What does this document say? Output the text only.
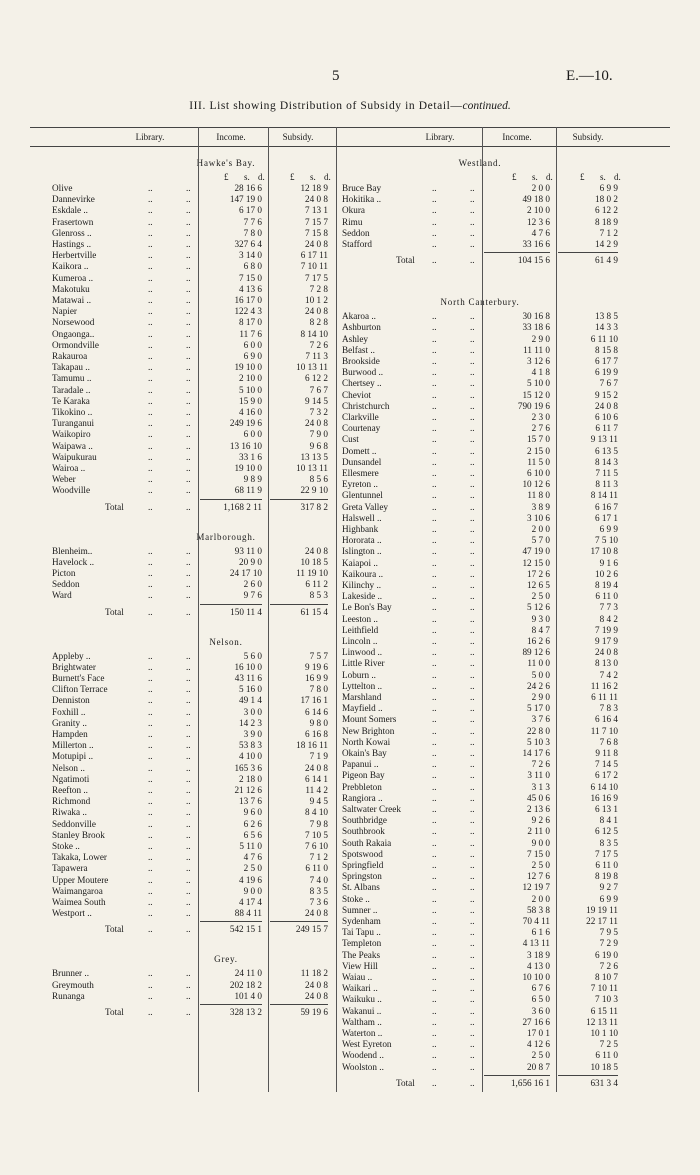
5	E.—10.
III. List showing Distribution of Subsidy in Detail—continued.
Library.	Income.	Subsidy.	Library.	Income.	Subsidy.
Hawke's Bay.
£ s. d.	£ s. d.
Olive	..	..	28 16 6	12 18 9
Dannevirke	..	..	147 19 0	24 0 8
Eskdale ..	..	..	6 17 0	7 13 1
Frasertown	..	..	7 7 6	7 15 7
Glenross ..	..	..	7 8 0	7 15 8
Hastings ..	..	..	327 6 4	24 0 8
Herbertville	..	..	3 14 0	6 17 11
Kaikora ..	..	..	6 8 0	7 10 11
Kumeroa ..	..	..	7 15 0	7 17 5
Makotuku	..	..	4 13 6	7 2 8
Matawai ..	..	..	16 17 0	10 1 2
Napier	..	..	122 4 3	24 0 8
Norsewood	..	..	8 17 0	8 2 8
Ongaonga..	..	..	11 7 6	8 14 10
Ormondville	..	..	6 0 0	7 2 6
Rakauroa	..	..	6 9 0	7 11 3
Takapau ..	..	..	19 10 0	10 13 11
Tamumu ..	..	..	2 10 0	6 12 2
Taradale ..	..	..	5 10 0	7 6 7
Te Karaka	..	..	15 9 0	9 14 5
Tikokino ..	..	..	4 16 0	7 3 2
Turanganui	..	..	249 19 6	24 0 8
Waikopiro	..	..	6 0 0	7 9 0
Waipawa ..	..	..	13 16 10	9 6 8
Waipukurau	..	..	33 1 6	13 13 5
Wairoa ..	..	..	19 10 0	10 13 11
Weber	..	..	9 8 9	8 5 6
Woodville	..	..	68 11 9	22 9 10
Total	..	..	1,168 2 11	317 8 2
Marlborough.
Blenheim..	..	..	93 11 0	24 0 8
Havelock ..	..	..	20 9 0	10 18 5
Picton	..	..	24 17 10	11 19 10
Seddon	..	..	2 6 0	6 11 2
Ward	..	..	9 7 6	8 5 3
Total	..	..	150 11 4	61 15 4
Nelson.
Appleby ..	..	..	5 6 0	7 5 7
Brightwater	..	..	16 10 0	9 19 6
Burnett's Face	..	..	43 11 6	16 9 9
Clifton Terrace	..	..	5 16 0	7 8 0
Denniston	..	..	49 1 4	17 16 1
Foxhill ..	..	..	3 0 0	6 14 6
Granity ..	..	..	14 2 3	9 8 0
Hampden	..	..	3 9 0	6 16 8
Millerton ..	..	..	53 8 3	18 16 11
Motupipi ..	..	..	4 10 0	7 1 9
Nelson ..	..	..	165 3 6	24 0 8
Ngatimoti	..	..	2 18 0	6 14 1
Reefton ..	..	..	21 12 6	11 4 2
Richmond	..	..	13 7 6	9 4 5
Riwaka ..	..	..	9 6 0	8 4 10
Seddonville	..	..	6 2 6	7 9 8
Stanley Brook	..	..	6 5 6	7 10 5
Stoke ..	..	..	5 11 0	7 6 10
Takaka, Lower	..	..	4 7 6	7 1 2
Tapawera	..	..	2 5 0	6 11 0
Upper Moutere	..	..	4 19 6	7 4 0
Waimangaroa	..	..	9 0 0	8 3 5
Waimea South	..	..	4 17 4	7 3 6
Westport ..	..	..	88 4 11	24 0 8
Total	..	..	542 15 1	249 15 7
Grey.
Brunner ..	..	..	24 11 0	11 18 2
Greymouth	..	..	202 18 2	24 0 8
Runanga	..	..	101 4 0	24 0 8
Total	..	..	328 13 2	59 19 6
Westland.
£ s. d.	£ s. d.
Bruce Bay	..	..	2 0 0	6 9 9
Hokitika ..	..	..	49 18 0	18 0 2
Okura	..	..	2 10 0	6 12 2
Rimu	..	..	12 3 6	8 18 9
Seddon	..	..	4 7 6	7 1 2
Stafford	..	..	33 16 6	14 2 9
Total ..	..	104 15 6	61 4 9
North Canterbury.
Akaroa ..	..	..	30 16 8	13 8 5
Ashburton	..	..	33 18 6	14 3 3
Ashley	..	..	2 9 0	6 11 10
Belfast ..	..	..	11 11 0	8 15 8
Brookside	..	..	3 12 6	6 17 7
Burwood ..	..	..	4 1 8	6 19 9
Chertsey ..	..	..	5 10 0	7 6 7
Cheviot	..	..	15 12 0	9 15 2
Christchurch	..	..	790 19 6	24 0 8
Clarkville	..	..	2 3 0	6 10 6
Courtenay	..	..	2 7 6	6 11 7
Cust	..	..	15 7 0	9 13 11
Domett ..	..	..	2 15 0	6 13 5
Dunsandel	..	..	11 5 0	8 14 3
Ellesmere	..	..	6 10 0	7 11 5
Eyreton ..	..	..	10 12 6	8 11 3
Glentunnel	..	..	11 8 0	8 14 11
Greta Valley	..	..	3 8 9	6 16 7
Halswell ..	..	..	3 10 6	6 17 1
Highbank	..	..	2 0 0	6 9 9
Hororata ..	..	..	5 7 0	7 5 10
Islington ..	..	..	47 19 0	17 10 8
Kaiapoi ..	..	..	12 15 0	9 1 6
Kaikoura ..	..	..	17 2 6	10 2 6
Kilinchy ..	..	..	12 6 5	8 19 4
Lakeside ..	..	..	2 5 0	6 11 0
Le Bon's Bay	..	..	5 12 6	7 7 3
Leeston ..	..	..	9 3 0	8 4 2
Leithfield	..	..	8 4 7	7 19 9
Lincoln ..	..	..	16 2 6	9 17 9
Linwood ..	..	..	89 12 6	24 0 8
Little River	..	..	11 0 0	8 13 0
Loburn ..	..	..	5 0 0	7 4 2
Lyttelton ..	..	..	24 2 6	11 16 2
Marshland	..	..	2 9 0	6 11 11
Mayfield ..	..	..	5 17 0	7 8 3
Mount Somers	..	..	3 7 6	6 16 4
New Brighton	..	..	22 8 0	11 7 10
North Kowai	..	..	5 10 3	7 6 8
Okain's Bay	..	..	14 17 6	9 11 8
Papanui ..	..	..	7 2 6	7 14 5
Pigeon Bay	..	..	3 11 0	6 17 2
Prebbleton	..	..	3 1 3	6 14 10
Rangiora ..	..	..	45 0 6	16 16 9
Saltwater Creek	..	..	2 13 6	6 13 1
Southbridge	..	..	9 2 6	8 4 1
Southbrook	..	..	2 11 0	6 12 5
South Rakaia	..	..	9 0 0	8 3 5
Spotswood	..	..	7 15 0	7 17 5
Springfield	..	..	2 5 0	6 11 0
Springston	..	..	12 7 6	8 19 8
St. Albans	..	..	12 19 7	9 2 7
Stoke ..	..	..	2 0 0	6 9 9
Sumner ..	..	..	58 3 8	19 19 11
Sydenham	..	..	70 4 11	22 17 11
Tai Tapu ..	..	..	6 1 6	7 9 5
Templeton	..	..	4 13 11	7 2 9
The Peaks	..	..	3 18 9	6 19 0
View Hill	..	..	4 13 0	7 2 6
Waiau ..	..	..	10 10 0	8 10 7
Waikari ..	..	..	6 7 6	7 10 11
Waikuku ..	..	..	6 5 0	7 10 3
Wakanui ..	..	..	3 6 0	6 15 11
Waltham ..	..	..	27 16 6	12 13 11
Waterton ..	..	..	17 0 1	10 1 10
West Eyreton	..	..	4 12 6	7 2 5
Woodend ..	..	..	2 5 0	6 11 0
Woolston ..	..	..	20 8 7	10 18 5
Total ..	..	1,656 16 1	631 3 4
